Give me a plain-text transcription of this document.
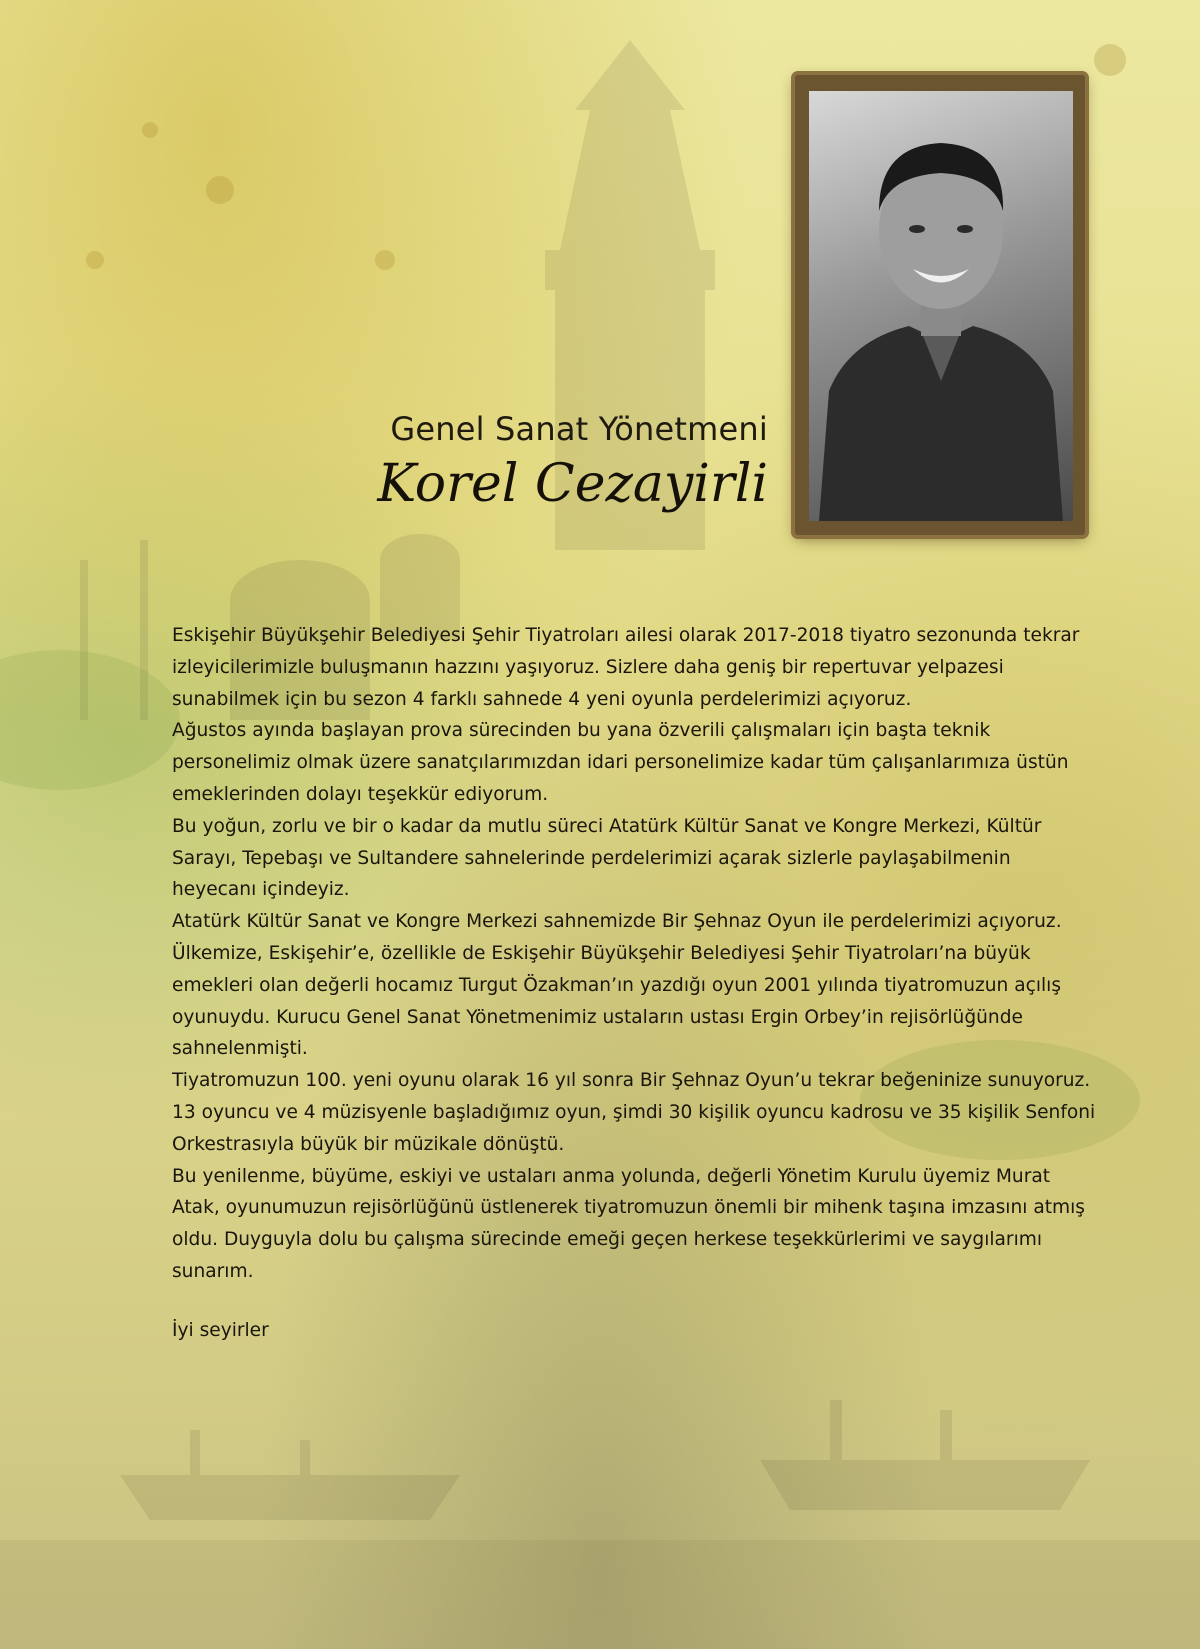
Genel Sanat Yönetmeni
Korel Cezayirli

Eskişehir Büyükşehir Belediyesi Şehir Tiyatroları ailesi olarak 2017-2018 tiyatro sezonunda tekrar izleyicilerimizle buluşmanın hazzını yaşıyoruz. Sizlere daha geniş bir repertuvar yelpazesi sunabilmek için bu sezon 4 farklı sahnede 4 yeni oyunla perdelerimizi açıyoruz.

Ağustos ayında başlayan prova sürecinden bu yana özverili çalışmaları için başta teknik personelimiz olmak üzere sanatçılarımızdan idari personelimize kadar tüm çalışanlarımıza üstün emeklerinden dolayı teşekkür ediyorum.

Bu yoğun, zorlu ve bir o kadar da mutlu süreci Atatürk Kültür Sanat ve Kongre Merkezi, Kültür Sarayı, Tepebaşı ve Sultandere sahnelerinde perdelerimizi açarak sizlerle paylaşabilmenin heyecanı içindeyiz.

Atatürk Kültür Sanat ve Kongre Merkezi sahnemizde Bir Şehnaz Oyun ile perdelerimizi açıyoruz. Ülkemize, Eskişehir’e, özellikle de Eskişehir Büyükşehir Belediyesi Şehir Tiyatroları’na büyük emekleri olan değerli hocamız Turgut Özakman’ın yazdığı oyun 2001 yılında tiyatromuzun açılış oyunuydu. Kurucu Genel Sanat Yönetmenimiz ustaların ustası Ergin Orbey’in rejisörlüğünde sahnelenmişti.

Tiyatromuzun 100. yeni oyunu olarak 16 yıl sonra Bir Şehnaz Oyun’u tekrar beğeninize sunuyoruz. 13 oyuncu ve 4 müzisyenle başladığımız oyun, şimdi 30 kişilik oyuncu kadrosu ve 35 kişilik Senfoni Orkestrasıyla büyük bir müzikale dönüştü.

Bu yenilenme, büyüme, eskiyi ve ustaları anma yolunda, değerli Yönetim Kurulu üyemiz Murat Atak, oyunumuzun rejisörlüğünü üstlenerek tiyatromuzun önemli bir mihenk taşına imzasını atmış oldu. Duyguyla dolu bu çalışma sürecinde emeği geçen herkese teşekkürlerimi ve saygılarımı sunarım.

İyi seyirler
